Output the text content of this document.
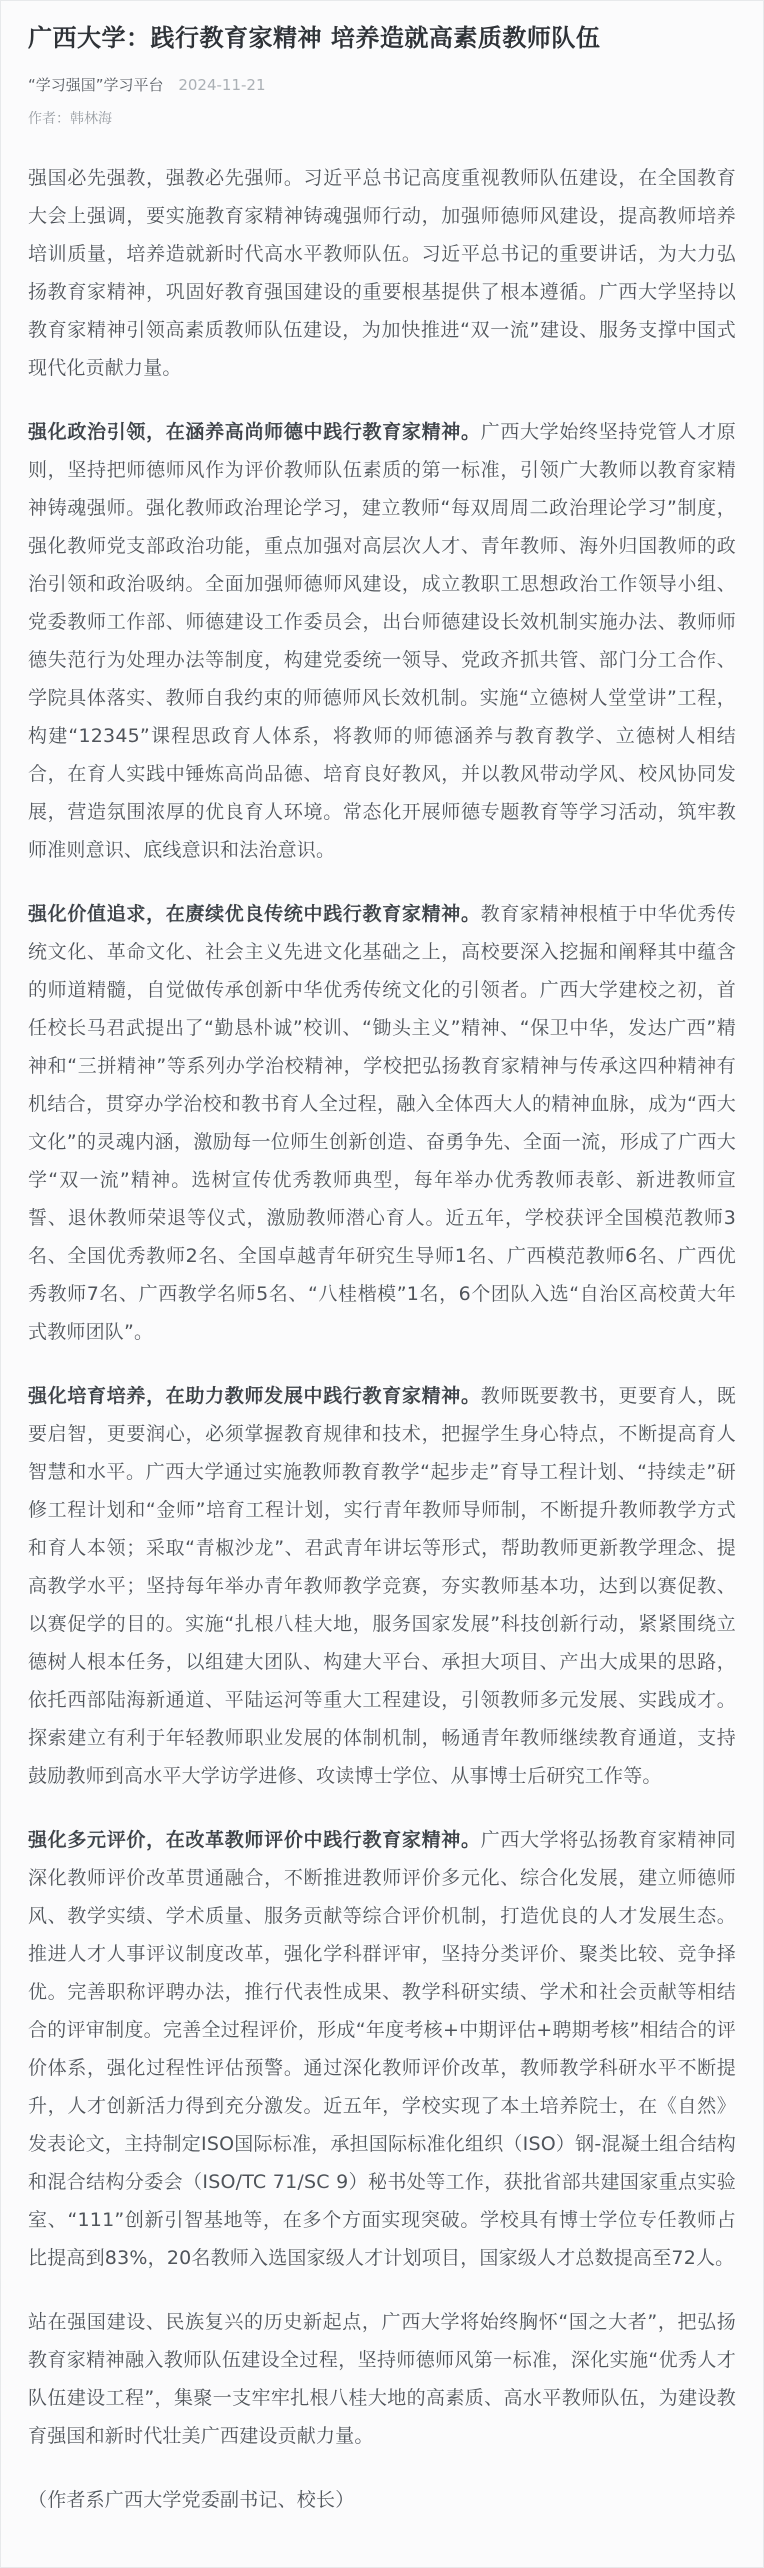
广西大学：践行教育家精神 培养造就高素质教师队伍
“学习强国”学习平台 2024-11-21
作者：韩林海

强国必先强教，强教必先强师。习近平总书记高度重视教师队伍建设，在全国教育大会上强调，要实施教育家精神铸魂强师行动，加强师德师风建设，提高教师培养培训质量，培养造就新时代高水平教师队伍。习近平总书记的重要讲话，为大力弘扬教育家精神，巩固好教育强国建设的重要根基提供了根本遵循。广西大学坚持以教育家精神引领高素质教师队伍建设，为加快推进“双一流”建设、服务支撑中国式现代化贡献力量。

强化政治引领，在涵养高尚师德中践行教育家精神。广西大学始终坚持党管人才原则，坚持把师德师风作为评价教师队伍素质的第一标准，引领广大教师以教育家精神铸魂强师。强化教师政治理论学习，建立教师“每双周周二政治理论学习”制度，强化教师党支部政治功能，重点加强对高层次人才、青年教师、海外归国教师的政治引领和政治吸纳。全面加强师德师风建设，成立教职工思想政治工作领导小组、党委教师工作部、师德建设工作委员会，出台师德建设长效机制实施办法、教师师德失范行为处理办法等制度，构建党委统一领导、党政齐抓共管、部门分工合作、学院具体落实、教师自我约束的师德师风长效机制。实施“立德树人堂堂讲”工程，构建“12345”课程思政育人体系，将教师的师德涵养与教育教学、立德树人相结合，在育人实践中锤炼高尚品德、培育良好教风，并以教风带动学风、校风协同发展，营造氛围浓厚的优良育人环境。常态化开展师德专题教育等学习活动，筑牢教师准则意识、底线意识和法治意识。

强化价值追求，在赓续优良传统中践行教育家精神。教育家精神根植于中华优秀传统文化、革命文化、社会主义先进文化基础之上，高校要深入挖掘和阐释其中蕴含的师道精髓，自觉做传承创新中华优秀传统文化的引领者。广西大学建校之初，首任校长马君武提出了“勤恳朴诚”校训、“锄头主义”精神、“保卫中华，发达广西”精神和“三拼精神”等系列办学治校精神，学校把弘扬教育家精神与传承这四种精神有机结合，贯穿办学治校和教书育人全过程，融入全体西大人的精神血脉，成为“西大文化”的灵魂内涵，激励每一位师生创新创造、奋勇争先、全面一流，形成了广西大学“双一流”精神。选树宣传优秀教师典型，每年举办优秀教师表彰、新进教师宣誓、退休教师荣退等仪式，激励教师潜心育人。近五年，学校获评全国模范教师3名、全国优秀教师2名、全国卓越青年研究生导师1名、广西模范教师6名、广西优秀教师7名、广西教学名师5名、“八桂楷模”1名，6个团队入选“自治区高校黄大年式教师团队”。

强化培育培养，在助力教师发展中践行教育家精神。教师既要教书，更要育人，既要启智，更要润心，必须掌握教育规律和技术，把握学生身心特点，不断提高育人智慧和水平。广西大学通过实施教师教育教学“起步走”育导工程计划、“持续走”研修工程计划和“金师”培育工程计划，实行青年教师导师制，不断提升教师教学方式和育人本领；采取“青椒沙龙”、君武青年讲坛等形式，帮助教师更新教学理念、提高教学水平；坚持每年举办青年教师教学竞赛，夯实教师基本功，达到以赛促教、以赛促学的目的。实施“扎根八桂大地，服务国家发展”科技创新行动，紧紧围绕立德树人根本任务，以组建大团队、构建大平台、承担大项目、产出大成果的思路，依托西部陆海新通道、平陆运河等重大工程建设，引领教师多元发展、实践成才。探索建立有利于年轻教师职业发展的体制机制，畅通青年教师继续教育通道，支持鼓励教师到高水平大学访学进修、攻读博士学位、从事博士后研究工作等。

强化多元评价，在改革教师评价中践行教育家精神。广西大学将弘扬教育家精神同深化教师评价改革贯通融合，不断推进教师评价多元化、综合化发展，建立师德师风、教学实绩、学术质量、服务贡献等综合评价机制，打造优良的人才发展生态。推进人才人事评议制度改革，强化学科群评审，坚持分类评价、聚类比较、竞争择优。完善职称评聘办法，推行代表性成果、教学科研实绩、学术和社会贡献等相结合的评审制度。完善全过程评价，形成“年度考核+中期评估+聘期考核”相结合的评价体系，强化过程性评估预警。通过深化教师评价改革，教师教学科研水平不断提升，人才创新活力得到充分激发。近五年，学校实现了本土培养院士，在《自然》发表论文，主持制定ISO国际标准，承担国际标准化组织（ISO）钢-混凝土组合结构和混合结构分委会（ISO/TC 71/SC 9）秘书处等工作，获批省部共建国家重点实验室、“111”创新引智基地等，在多个方面实现突破。学校具有博士学位专任教师占比提高到83%，20名教师入选国家级人才计划项目，国家级人才总数提高至72人。

站在强国建设、民族复兴的历史新起点，广西大学将始终胸怀“国之大者”，把弘扬教育家精神融入教师队伍建设全过程，坚持师德师风第一标准，深化实施“优秀人才队伍建设工程”，集聚一支牢牢扎根八桂大地的高素质、高水平教师队伍，为建设教育强国和新时代壮美广西建设贡献力量。

（作者系广西大学党委副书记、校长）
